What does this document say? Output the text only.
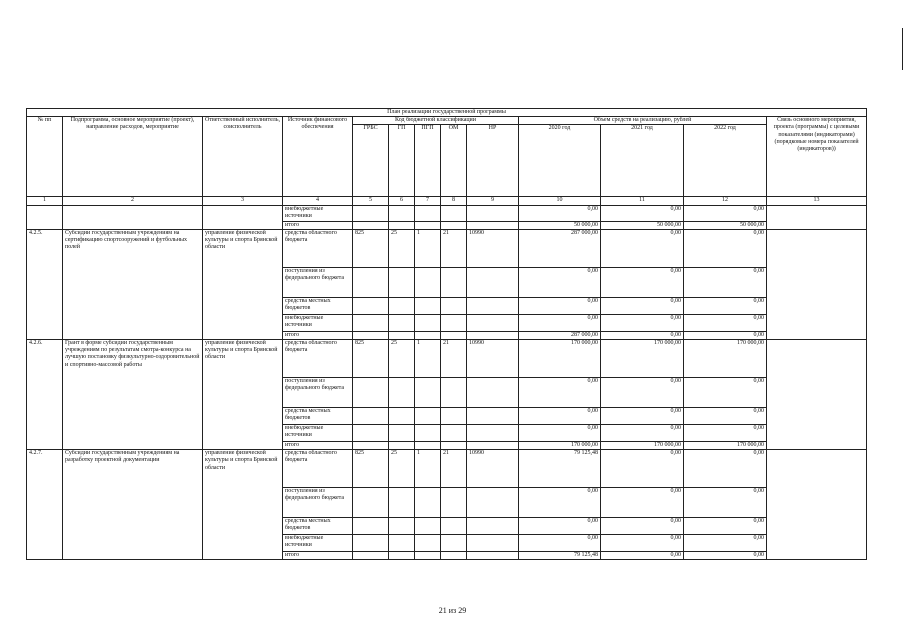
План реализации государственной программы												
№ пп	Подпрограмма, основное мероприятие (проект), направление расходов, мероприятие	Ответственный исполнитель, соисполнитель	Источник финансового обеспечения	Код бюджетной классификации					Объем средств на реализацию, рублей			Связь основного мероприятия, проекта (программы) с целевыми показателями (индикаторами) (порядковые номера показателей (индикаторов))
				ГРБС	ГП	ПГП	ОМ	НР	2020 год	2021 год	2022 год	
1	2	3	4	5	6	7	8	9	10	11	12	13
			внебюджетные источники						0,00	0,00	0,00	
			итого						50 000,00	50 000,00	50 000,00	
4.2.5.	Субсидии государственным учреждениям на сертификацию спортсооружений и футбольных полей	управление физической культуры и спорта Брянской области	средства областного бюджета	825	25	1	21	10990	287 000,00	0,00	0,00	
			поступления из федерального бюджета						0,00	0,00	0,00	
			средства местных бюджетов						0,00	0,00	0,00	
			внебюджетные источники						0,00	0,00	0,00	
			итого						287 000,00	0,00	0,00	
4.2.6.	Грант в форме субсидии государственным учреждениям по результатам смотра-конкурса на лучшую постановку физкультурно-оздоровительной и спортивно-массовой работы	управление физической культуры и спорта Брянской области	средства областного бюджета	825	25	1	21	10990	170 000,00	170 000,00	170 000,00	
			поступления из федерального бюджета						0,00	0,00	0,00	
			средства местных бюджетов						0,00	0,00	0,00	
			внебюджетные источники						0,00	0,00	0,00	
			итого						170 000,00	170 000,00	170 000,00	
4.2.7.	Субсидии государственным учреждениям на разработку проектной документации	управление физической культуры и спорта Брянской области	средства областного бюджета	825	25	1	21	10990	79 125,48	0,00	0,00	
			поступления из федерального бюджета						0,00	0,00	0,00	
			средства местных бюджетов						0,00	0,00	0,00	
			внебюджетные источники						0,00	0,00	0,00	
			итого						79 125,48	0,00	0,00	
21 из 29
